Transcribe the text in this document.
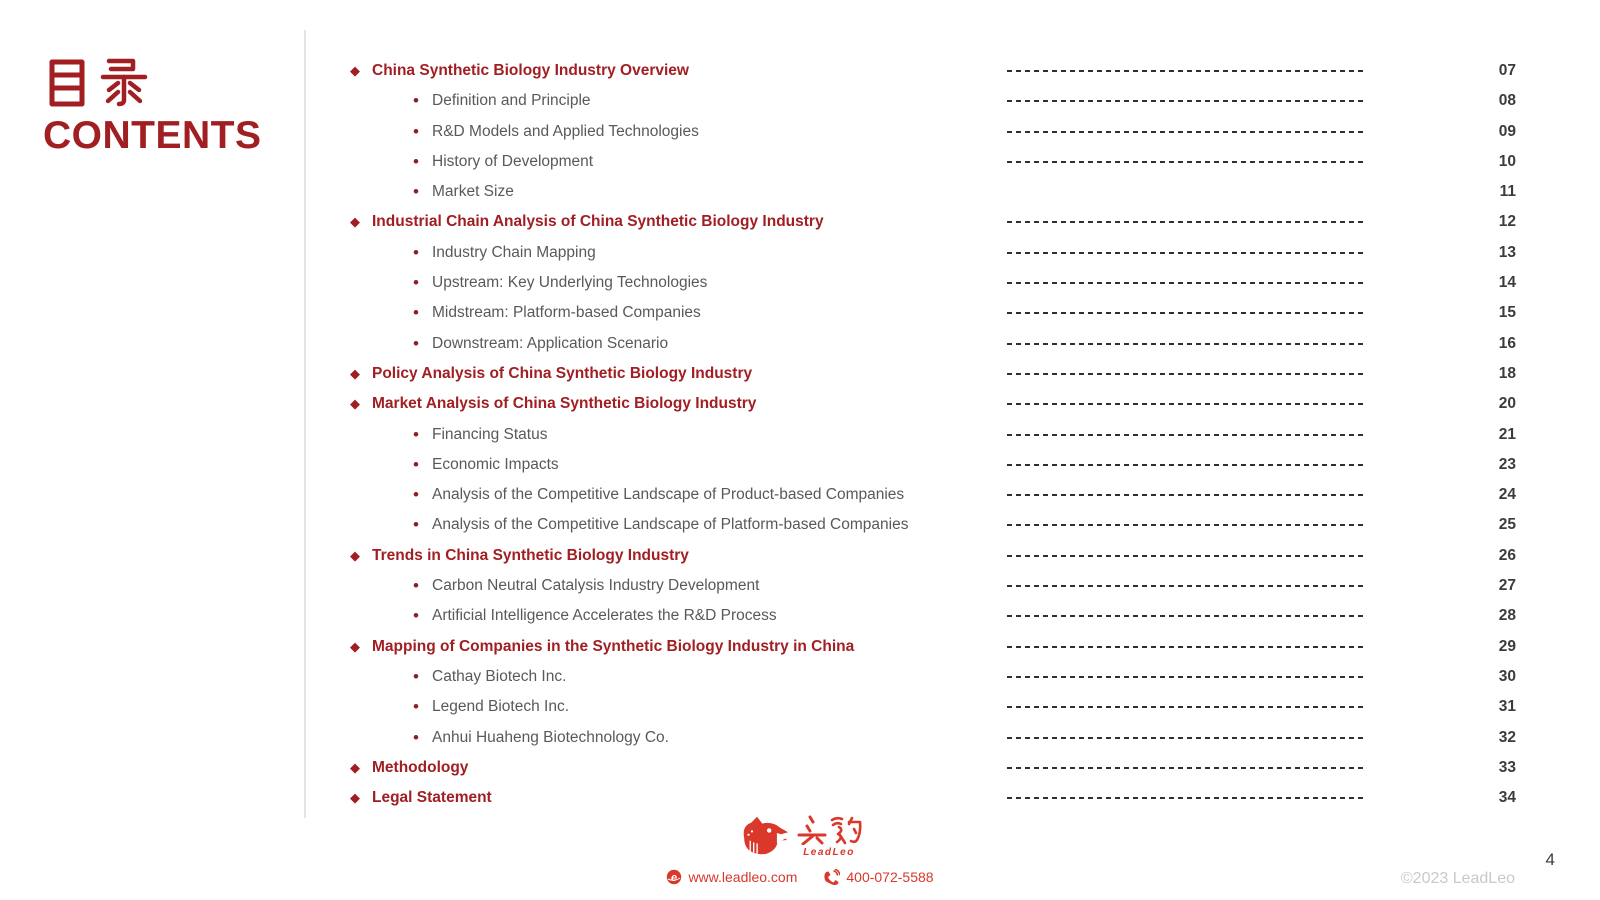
CONTENTS
◆ China Synthetic Biology Industry Overview	07
• Definition and Principle	08
• R&D Models and Applied Technologies	09
• History of Development	10
• Market Size	11
◆ Industrial Chain Analysis of China Synthetic Biology Industry	12
• Industry Chain Mapping	13
• Upstream: Key Underlying Technologies	14
• Midstream: Platform-based Companies	15
• Downstream: Application Scenario	16
◆ Policy Analysis of China Synthetic Biology Industry	18
◆ Market Analysis of China Synthetic Biology Industry	20
• Financing Status	21
• Economic Impacts	23
• Analysis of the Competitive Landscape of Product-based Companies	24
• Analysis of the Competitive Landscape of Platform-based Companies	25
◆ Trends in China Synthetic Biology Industry	26
• Carbon Neutral Catalysis Industry Development	27
• Artificial Intelligence Accelerates the R&D Process	28
◆ Mapping of Companies in the Synthetic Biology Industry in China	29
• Cathay Biotech Inc.	30
• Legend Biotech Inc.	31
• Anhui Huaheng Biotechnology Co.	32
◆ Methodology	33
◆ Legal Statement	34
LeadLeo
e www.leadleo.com	400-072-5588	©2023 LeadLeo
4
